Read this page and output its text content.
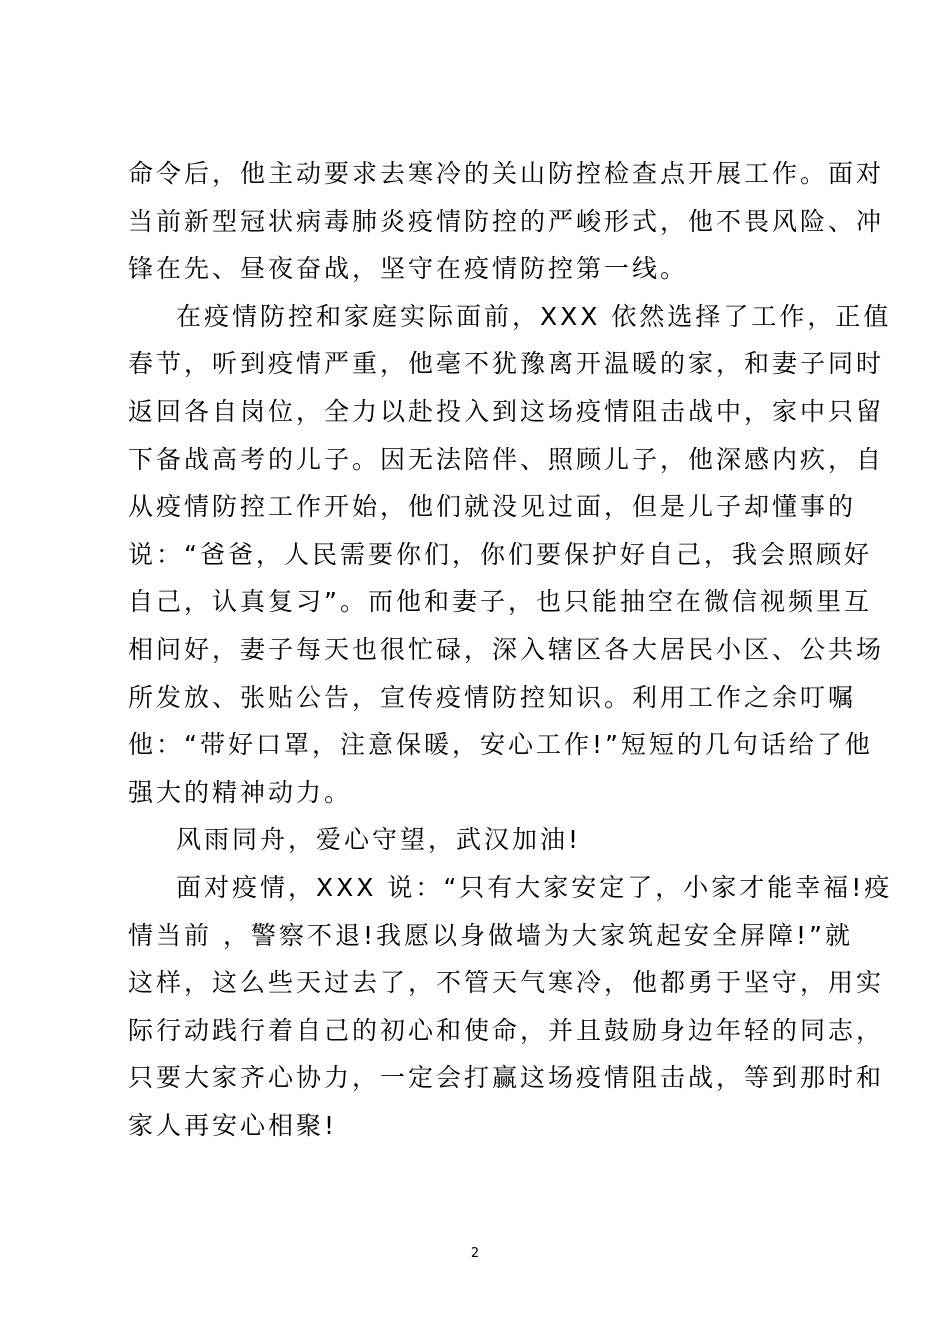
命令后，他主动要求去寒冷的关山防控检查点开展工作。面对
当前新型冠状病毒肺炎疫情防控的严峻形式，他不畏风险、冲
锋在先、昼夜奋战，坚守在疫情防控第一线。
在疫情防控和家庭实际面前，XXX 依然选择了工作，正值
春节，听到疫情严重，他毫不犹豫离开温暖的家，和妻子同时
返回各自岗位，全力以赴投入到这场疫情阻击战中，家中只留
下备战高考的儿子。因无法陪伴、照顾儿子，他深感内疚，自
从疫情防控工作开始，他们就没见过面，但是儿子却懂事的
说：“爸爸，人民需要你们，你们要保护好自己，我会照顾好
自己，认真复习”。而他和妻子，也只能抽空在微信视频里互
相问好，妻子每天也很忙碌，深入辖区各大居民小区、公共场
所发放、张贴公告，宣传疫情防控知识。利用工作之余叮嘱
他：“带好口罩，注意保暖，安心工作!”短短的几句话给了他
强大的精神动力。
风雨同舟，爱心守望，武汉加油!
面对疫情，XXX 说：“只有大家安定了，小家才能幸福!疫
情当前 ，警察不退!我愿以身做墙为大家筑起安全屏障!”就
这样，这么些天过去了，不管天气寒冷，他都勇于坚守，用实
际行动践行着自己的初心和使命，并且鼓励身边年轻的同志，
只要大家齐心协力，一定会打赢这场疫情阻击战，等到那时和
家人再安心相聚!
2
